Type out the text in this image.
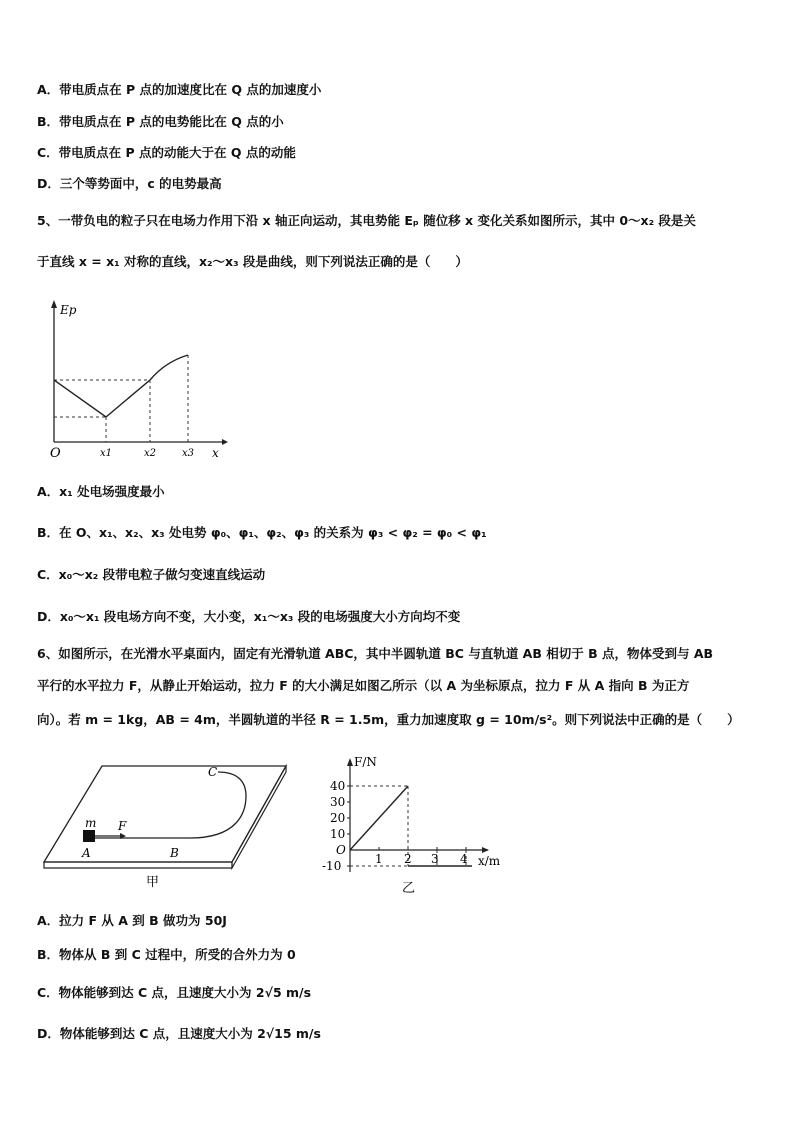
A．带电质点在 P 点的加速度比在 Q 点的加速度小
B．带电质点在 P 点的电势能比在 Q 点的小
C．带电质点在 P 点的动能大于在 Q 点的动能
D．三个等势面中，c 的电势最高
5、一带负电的粒子只在电场力作用下沿 x 轴正向运动，其电势能 Eₚ 随位移 x 变化关系如图所示，其中 0～x₂ 段是关
于直线 x = x₁ 对称的直线，x₂～x₃ 段是曲线，则下列说法正确的是（　　）
Ep
O	x
x1	x2	x3
A．x₁ 处电场强度最小
B．在 O、x₁、x₂、x₃ 处电势 φ₀、φ₁、φ₂、φ₃ 的关系为 φ₃ < φ₂ = φ₀ < φ₁
C．x₀～x₂ 段带电粒子做匀变速直线运动
D．x₀～x₁ 段电场方向不变，大小变，x₁～x₃ 段的电场强度大小方向均不变
6、如图所示，在光滑水平桌面内，固定有光滑轨道 ABC，其中半圆轨道 BC 与直轨道 AB 相切于 B 点，物体受到与 AB
平行的水平拉力 F，从静止开始运动，拉力 F 的大小满足如图乙所示（以 A 为坐标原点，拉力 F 从 A 指向 B 为正方
向）。若 m = 1kg，AB = 4m，半圆轨道的半径 R = 1.5m，重力加速度取 g = 10m/s²。则下列说法中正确的是（　　）
m F
A	B
C
甲
F/N
x/m
O
40
30
20
10
-10	1 2 3 4
乙
A．拉力 F 从 A 到 B 做功为 50J
B．物体从 B 到 C 过程中，所受的合外力为 0
C．物体能够到达 C 点，且速度大小为 2√5 m/s
D．物体能够到达 C 点，且速度大小为 2√15 m/s
